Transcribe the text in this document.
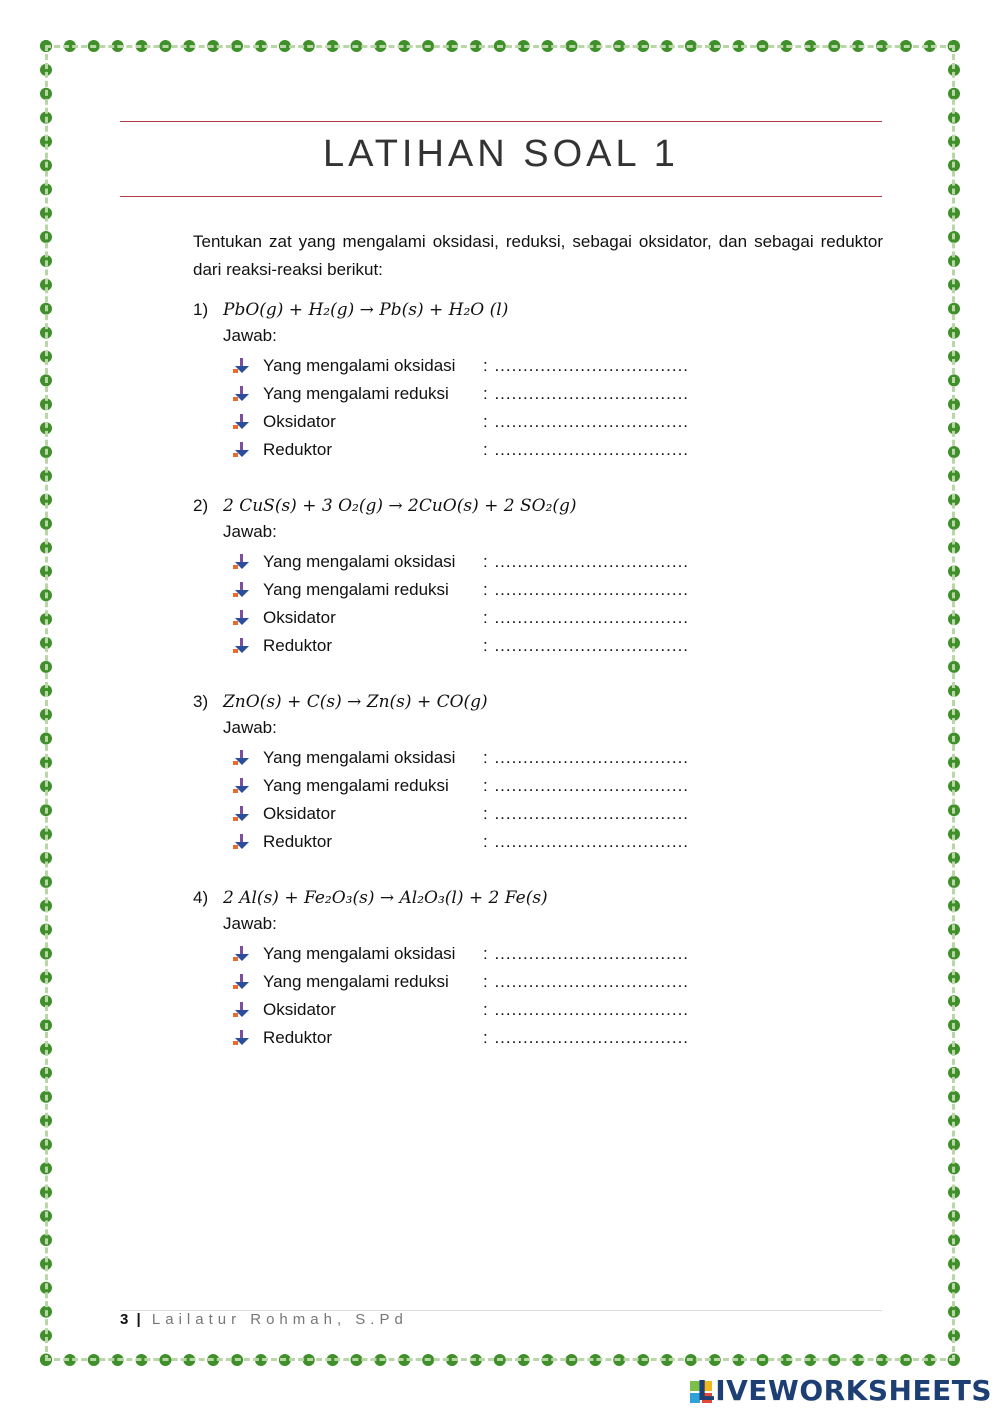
LATIHAN SOAL 1
Tentukan zat yang mengalami oksidasi, reduksi, sebagai oksidator, dan sebagai reduktor dari reaksi-reaksi berikut:
1) PbO(g) + H₂(g) → Pb(s) + H₂O (l)
Jawab:
Yang mengalami oksidasi : ..................................
Yang mengalami reduksi : ..................................
Oksidator	: ..................................
Reduktor	: ..................................
2) 2 CuS(s) + 3 O₂(g) → 2CuO(s) + 2 SO₂(g)
Jawab:
Yang mengalami oksidasi : ..................................
Yang mengalami reduksi : ..................................
Oksidator	: ..................................
Reduktor	: ..................................
3) ZnO(s) + C(s) → Zn(s) + CO(g)
Jawab:
Yang mengalami oksidasi : ..................................
Yang mengalami reduksi : ..................................
Oksidator	: ..................................
Reduktor	: ..................................
4) 2 Al(s) + Fe₂O₃(s) → Al₂O₃(l) + 2 Fe(s)
Jawab:
Yang mengalami oksidasi : ..................................
Yang mengalami reduksi : ..................................
Oksidator	: ..................................
Reduktor	: ..................................
3 | Lailatur Rohmah, S.Pd
LIVEWORKSHEETS
